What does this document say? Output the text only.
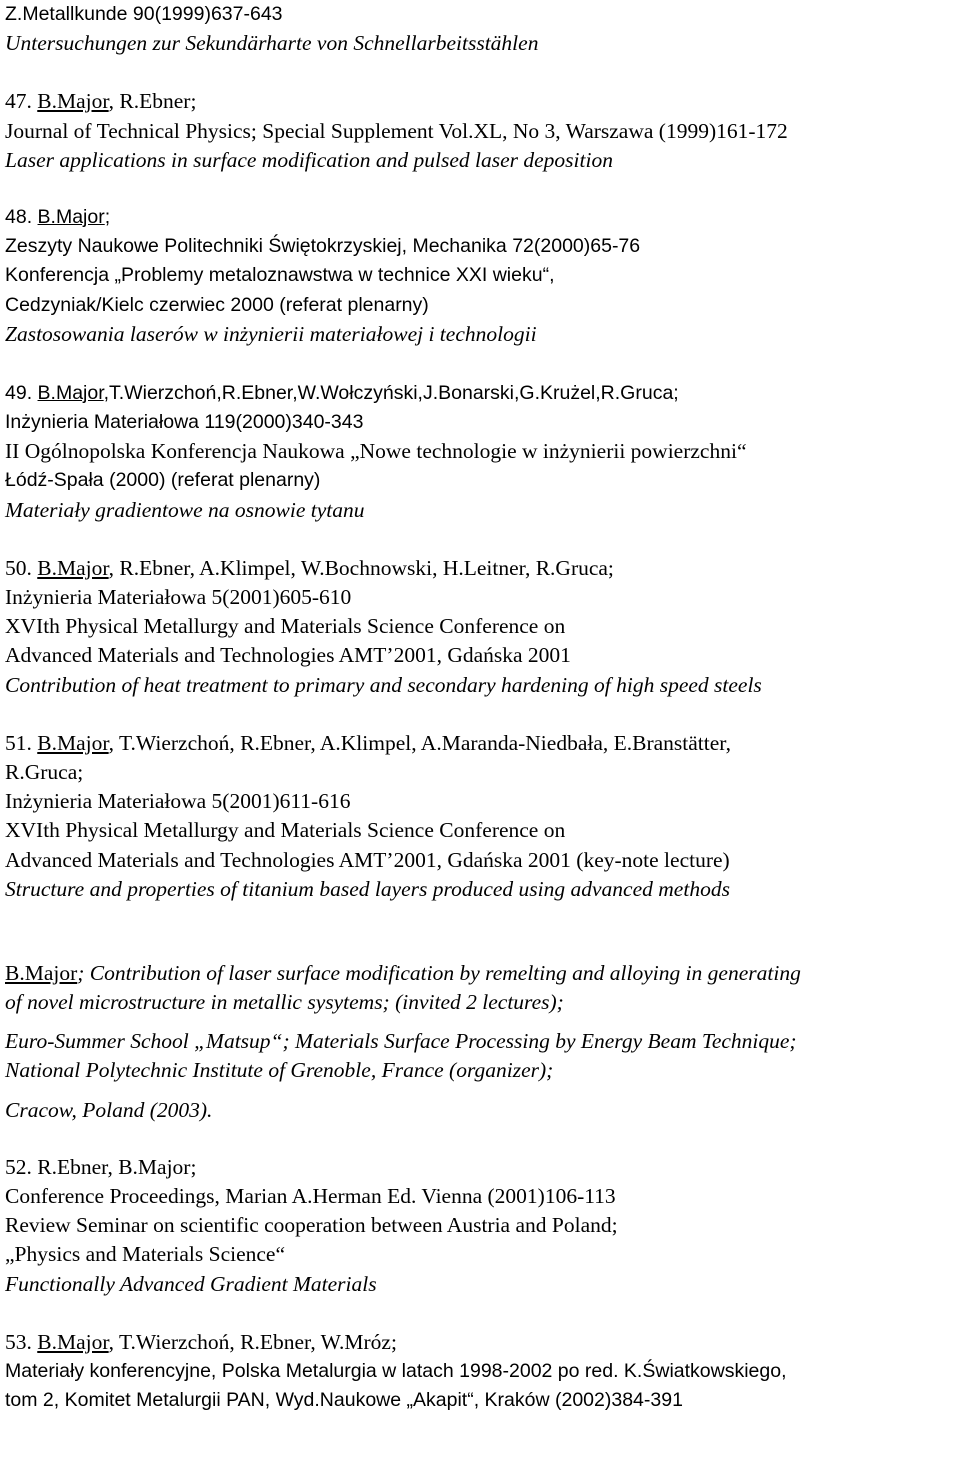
Z.Metallkunde 90(1999)637-643
Untersuchungen zur Sekundärharte von Schnellarbeitsstählen
47. B.Major, R.Ebner;
Journal of Technical Physics; Special Supplement Vol.XL, No 3, Warszawa (1999)161-172
Laser applications in surface modification and pulsed laser deposition
48. B.Major;
Zeszyty Naukowe Politechniki Świętokrzyskiej, Mechanika 72(2000)65-76
Konferencja „Problemy metaloznawstwa w technice XXI wieku“,
Cedzyniak/Kielc czerwiec 2000 (referat plenarny)
Zastosowania laserów w inżynierii materiałowej i technologii
49. B.Major,T.Wierzchoń,R.Ebner,W.Wołczyński,J.Bonarski,G.Krużel,R.Gruca;
Inżynieria Materiałowa 119(2000)340-343
II Ogólnopolska Konferencja Naukowa „Nowe technologie w inżynierii powierzchni“
Łódź-Spała (2000) (referat plenarny)
Materiały gradientowe na osnowie tytanu
50. B.Major, R.Ebner, A.Klimpel, W.Bochnowski, H.Leitner, R.Gruca;
Inżynieria Materiałowa 5(2001)605-610
XVIth Physical Metallurgy and Materials Science Conference on
Advanced Materials and Technologies AMT’2001, Gdańska 2001
Contribution of heat treatment to primary and secondary hardening of high speed steels
51. B.Major, T.Wierzchoń, R.Ebner, A.Klimpel, A.Maranda-Niedbała, E.Branstätter,
R.Gruca;
Inżynieria Materiałowa 5(2001)611-616
XVIth Physical Metallurgy and Materials Science Conference on
Advanced Materials and Technologies AMT’2001, Gdańska 2001 (key-note lecture)
Structure and properties of titanium based layers produced using advanced methods
B.Major; Contribution of laser surface modification by remelting and alloying in generating
of novel microstructure in metallic sysytems; (invited 2 lectures);
Euro-Summer School „Matsup“; Materials Surface Processing by Energy Beam Technique;
National Polytechnic Institute of Grenoble, France (organizer);
Cracow, Poland (2003).
52. R.Ebner, B.Major;
Conference Proceedings, Marian A.Herman Ed. Vienna (2001)106-113
Review Seminar on scientific cooperation between Austria and Poland;
„Physics and Materials Science“
Functionally Advanced Gradient Materials
53. B.Major, T.Wierzchoń, R.Ebner, W.Mróz;
Materiały konferencyjne, Polska Metalurgia w latach 1998-2002 po red. K.Światkowskiego,
tom 2, Komitet Metalurgii PAN, Wyd.Naukowe „Akapit“, Kraków (2002)384-391
